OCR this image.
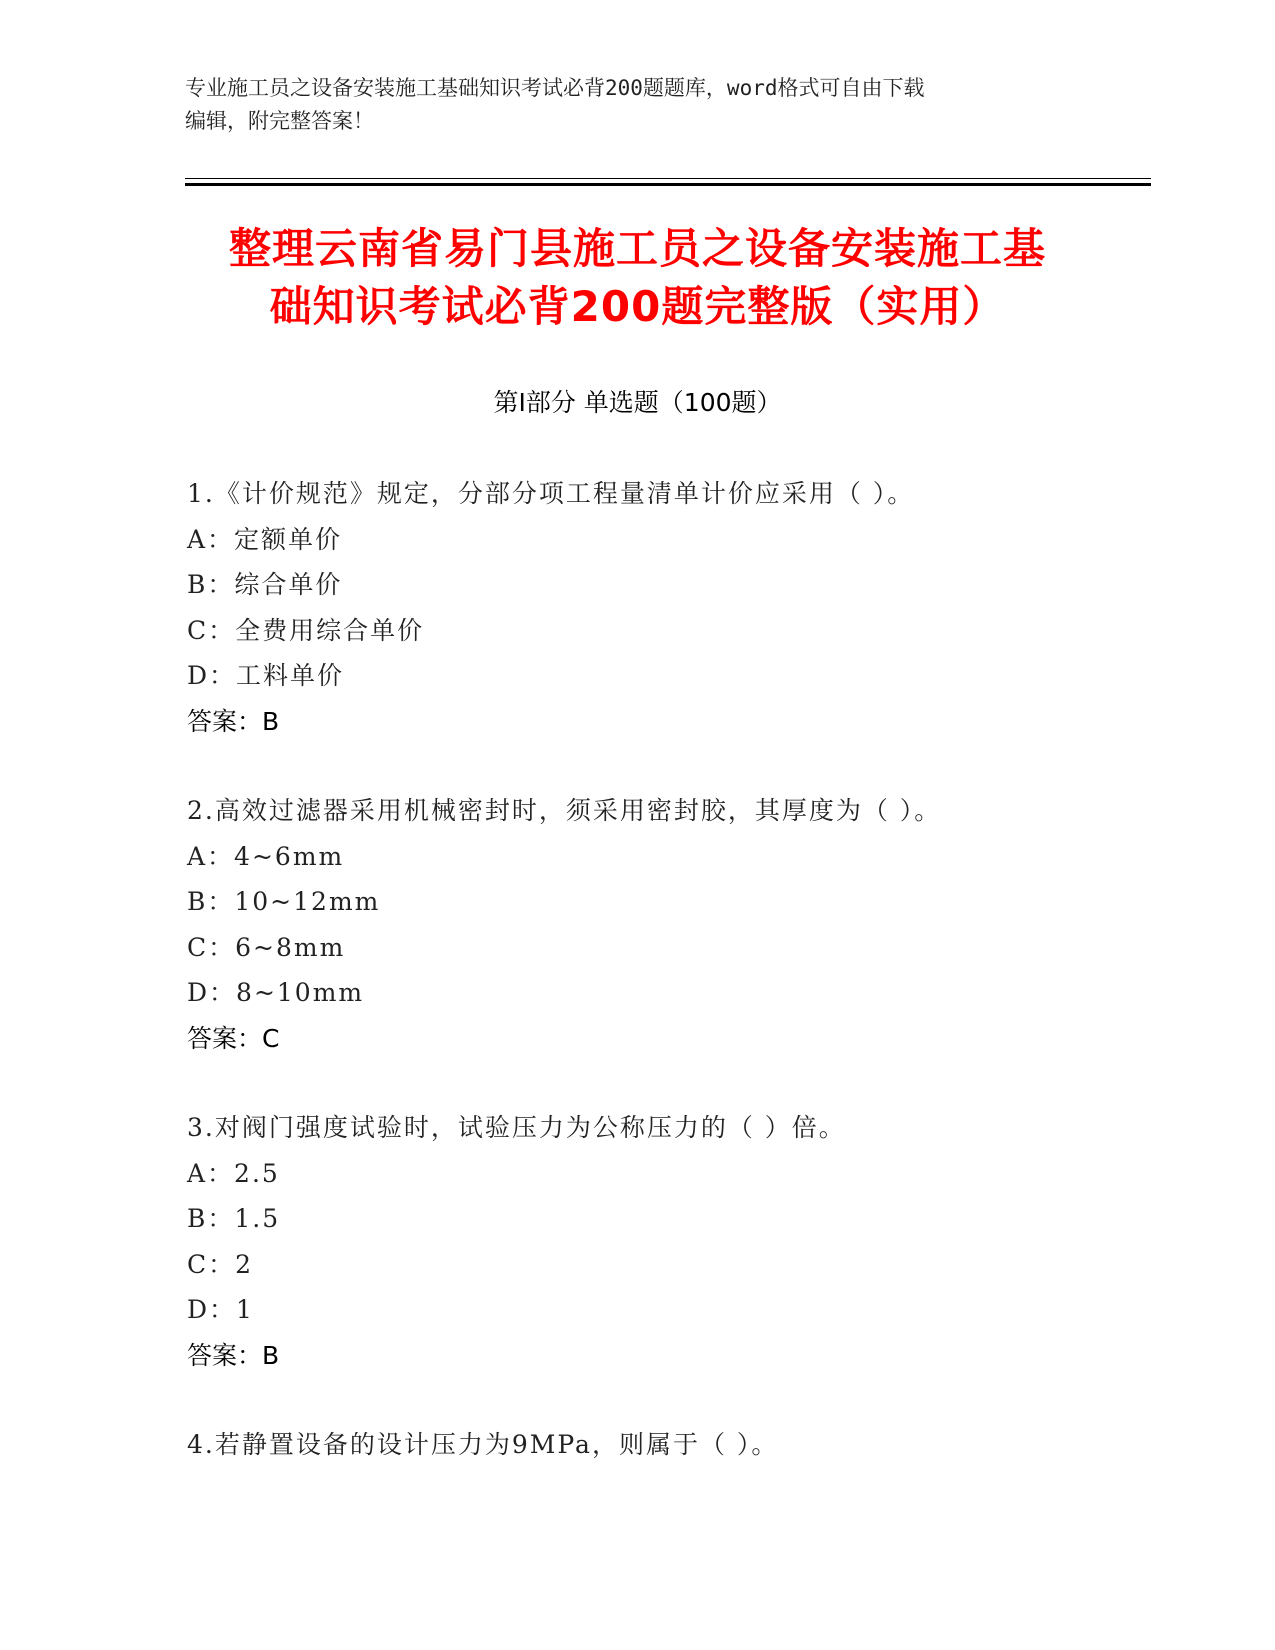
专业施工员之设备安装施工基础知识考试必背200题题库，word格式可自由下载
编辑，附完整答案！
整理云南省易门县施工员之设备安装施工基
础知识考试必背200题完整版（实用）
第Ⅰ部分 单选题（100题）
1.《计价规范》规定，分部分项工程量清单计价应采用（ ）。
A：定额单价
B：综合单价
C：全费用综合单价
D：工料单价
答案：B
2.高效过滤器采用机械密封时，须采用密封胶，其厚度为（ ）。
A：4~6mm
B：10~12mm
C：6~8mm
D：8~10mm
答案：C
3.对阀门强度试验时，试验压力为公称压力的（ ）倍。
A：2.5
B：1.5
C：2
D：1
答案：B
4.若静置设备的设计压力为9MPa，则属于（ ）。
